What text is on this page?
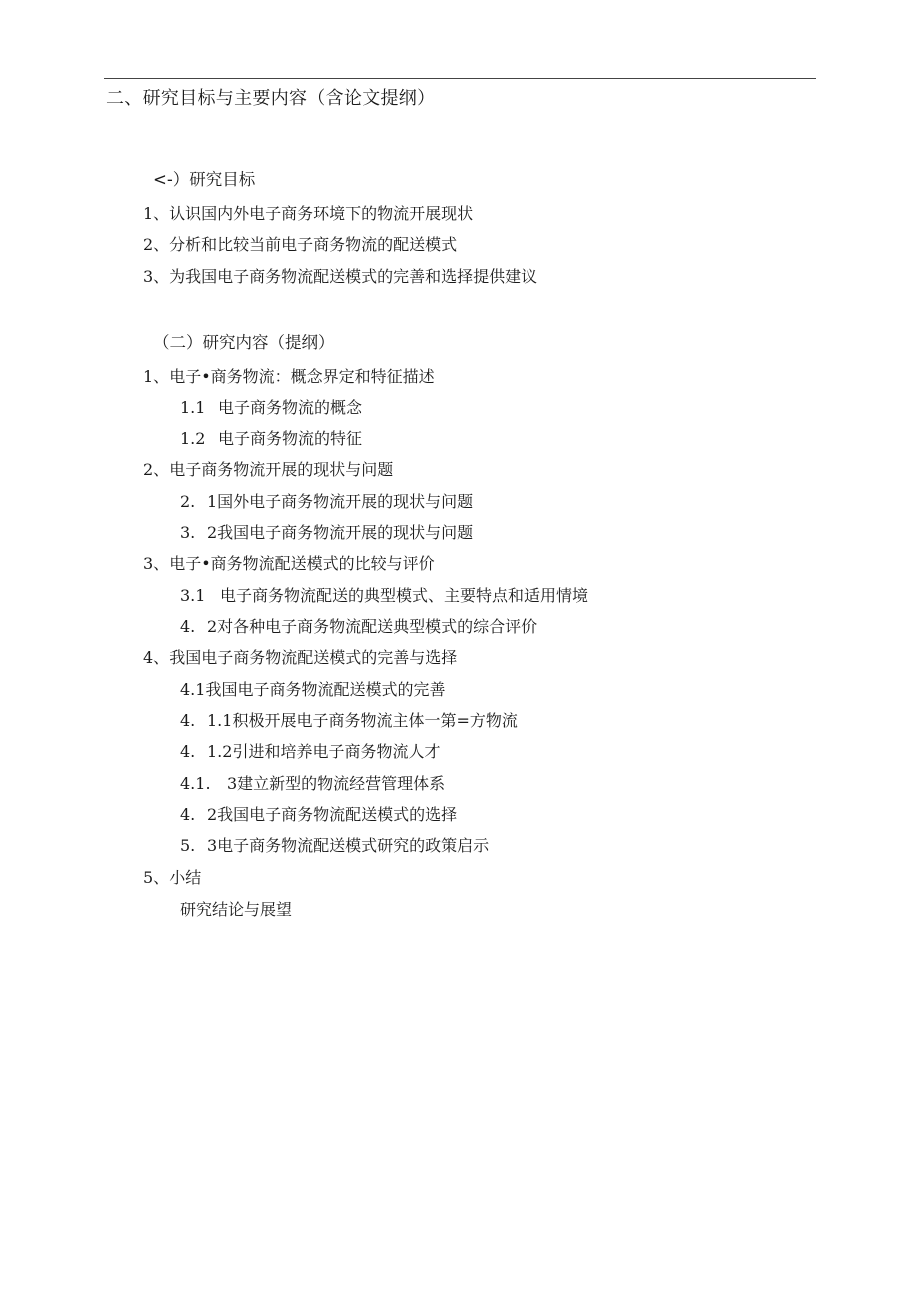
二、研究目标与主要内容（含论文提纲）
<-）研究目标
1、认识国内外电子商务环境下的物流开展现状
2、分析和比较当前电子商务物流的配送模式
3、为我国电子商务物流配送模式的完善和选择提供建议
（二）研究内容（提纲）
1、电子•商务物流：概念界定和特征描述
1.1 电子商务物流的概念
1.2 电子商务物流的特征
2、电子商务物流开展的现状与问题
2. 1国外电子商务物流开展的现状与问题
3. 2我国电子商务物流开展的现状与问题
3、电子•商务物流配送模式的比较与评价
3.1 电子商务物流配送的典型模式、主要特点和适用情境
4. 2对各种电子商务物流配送典型模式的综合评价
4、我国电子商务物流配送模式的完善与选择
4.1我国电子商务物流配送模式的完善
4. 1.1积极开展电子商务物流主体一第=方物流
4. 1.2引进和培养电子商务物流人才
4.1. 3建立新型的物流经营管理体系
4. 2我国电子商务物流配送模式的选择
5. 3电子商务物流配送模式研究的政策启示
5、小结
研究结论与展望
